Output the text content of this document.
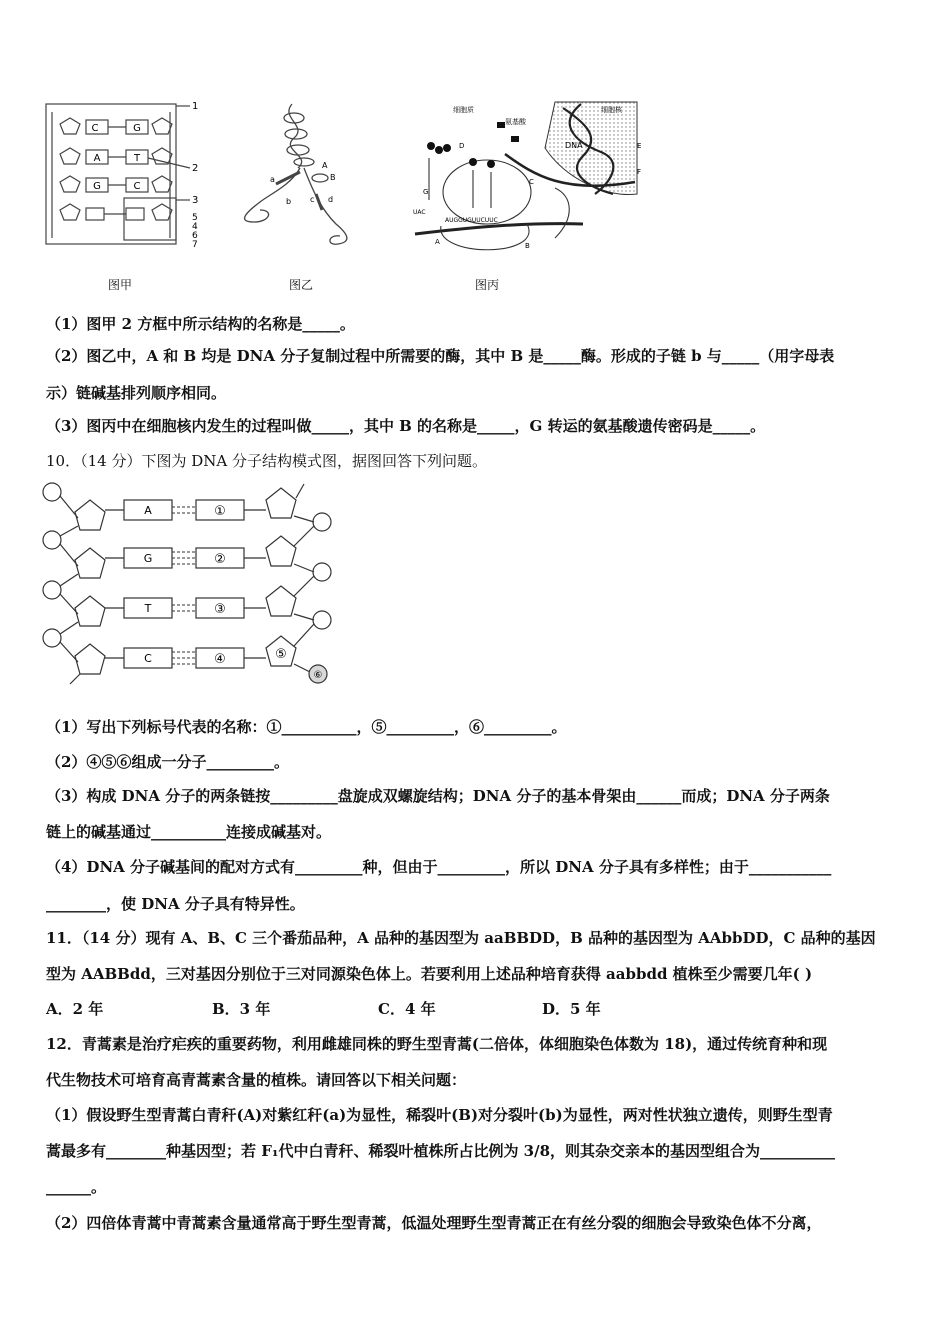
C	G
A	T
G	C
1
2
3
5
4
6
7
图甲
A
B
a
b c d
图乙
细胞质
氨基酸
细胞核
DNA
D
C
E
F
UAC
AUGGUGUUCUUC
A	B
G
图丙
（1）图甲 2 方框中所示结构的名称是_____。
（2）图乙中，A 和 B 均是 DNA 分子复制过程中所需要的酶，其中 B 是_____酶。形成的子链 b 与_____（用字母表
示）链碱基排列顺序相同。
（3）图丙中在细胞核内发生的过程叫做_____，其中 B 的名称是_____，G 转运的氨基酸遗传密码是_____。
10．（14 分）下图为 DNA 分子结构模式图，据图回答下列问题。
A
G
T
C
①
②
③
④	⑤
⑥
（1）写出下列标号代表的名称：①__________，⑤_________，⑥_________。
（2）④⑤⑥组成一分子_________。
（3）构成 DNA 分子的两条链按_________盘旋成双螺旋结构；DNA 分子的基本骨架由______而成；DNA 分子两条
链上的碱基通过__________连接成碱基对。
（4）DNA 分子碱基间的配对方式有_________种，但由于_________，所以 DNA 分子具有多样性；由于___________
________，使 DNA 分子具有特异性。
11．（14 分）现有 A、B、C 三个番茄品种，A 品种的基因型为 aaBBDD，B 品种的基因型为 AAbbDD，C 品种的基因
型为 AABBdd，三对基因分别位于三对同源染色体上。若要利用上述品种培育获得 aabbdd 植株至少需要几年( )
A．2 年	B．3 年	C．4 年	D．5 年
12．青蒿素是治疗疟疾的重要药物，利用雌雄同株的野生型青蒿(二倍体，体细胞染色体数为 18)，通过传统育种和现
代生物技术可培育高青蒿素含量的植株。请回答以下相关问题：
（1）假设野生型青蒿白青秆(A)对紫红秆(a)为显性，稀裂叶(B)对分裂叶(b)为显性，两对性状独立遗传，则野生型青
蒿最多有________种基因型；若 F₁代中白青秆、稀裂叶植株所占比例为 3/8，则其杂交亲本的基因型组合为__________
______。
（2）四倍体青蒿中青蒿素含量通常高于野生型青蒿，低温处理野生型青蒿正在有丝分裂的细胞会导致染色体不分离，
